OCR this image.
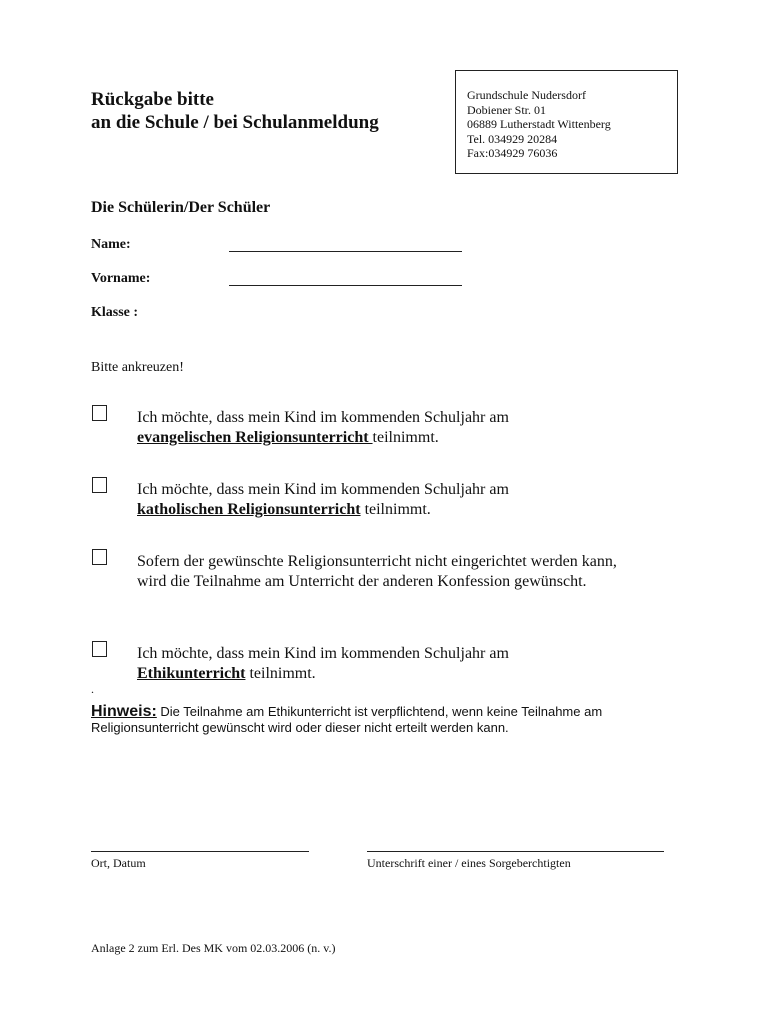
Rückgabe bitte
an die Schule / bei Schulanmeldung
Grundschule Nudersdorf
Dobiener Str. 01
06889 Lutherstadt Wittenberg
Tel. 034929 20284
Fax:034929 76036
Die Schülerin/Der Schüler
Name:
Vorname:
Klasse :
Bitte ankreuzen!
Ich möchte, dass mein Kind im kommenden Schuljahr am
evangelischen Religionsunterricht teilnimmt.
Ich möchte, dass mein Kind im kommenden Schuljahr am
katholischen Religionsunterricht teilnimmt.
Sofern der gewünschte Religionsunterricht nicht eingerichtet werden kann, wird die Teilnahme am Unterricht der anderen Konfession gewünscht.
Ich möchte, dass mein Kind im kommenden Schuljahr am
Ethikunterricht teilnimmt.
.
Hinweis: Die Teilnahme am Ethikunterricht ist verpflichtend, wenn keine Teilnahme am Religionsunterricht gewünscht wird oder dieser nicht erteilt werden kann.
Ort, Datum	Unterschrift einer / eines Sorgeberchtigten
Anlage 2 zum Erl. Des MK vom 02.03.2006 (n. v.)
